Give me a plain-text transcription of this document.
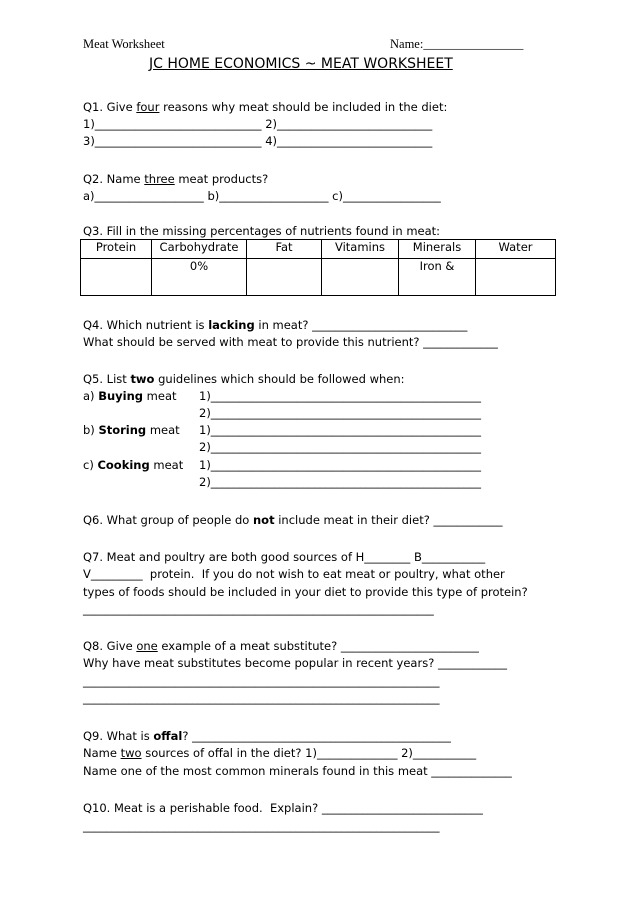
Meat Worksheet	Name:________________
JC HOME ECONOMICS ~ MEAT WORKSHEET
Q1. Give four reasons why meat should be included in the diet:
1)_____________________________ 2)___________________________
3)_____________________________ 4)___________________________
Q2. Name three meat products?
a)___________________ b)___________________ c)_________________
Q3. Fill in the missing percentages of nutrients found in meat:
Protein	Carbohydrate	Fat	Vitamins	Minerals	Water
	0%			Iron &	
Q4. Which nutrient is lacking in meat? ___________________________
What should be served with meat to provide this nutrient? _____________
Q5. List two guidelines which should be followed when:
a) Buying meat 1)_______________________________________________
2)_______________________________________________
b) Storing meat 1)_______________________________________________
2)_______________________________________________
c) Cooking meat 1)_______________________________________________
2)_______________________________________________
Q6. What group of people do not include meat in their diet? ____________
Q7. Meat and poultry are both good sources of H________ B___________
V_________  protein.  If you do not wish to eat meat or poultry, what other
types of foods should be included in your diet to provide this type of protein?
_____________________________________________________________
Q8. Give one example of a meat substitute? ________________________
Why have meat substitutes become popular in recent years? ____________
______________________________________________________________
______________________________________________________________
Q9. What is offal? _____________________________________________
Name two sources of offal in the diet? 1)______________ 2)___________
Name one of the most common minerals found in this meat ______________
Q10. Meat is a perishable food.  Explain? ____________________________
______________________________________________________________
